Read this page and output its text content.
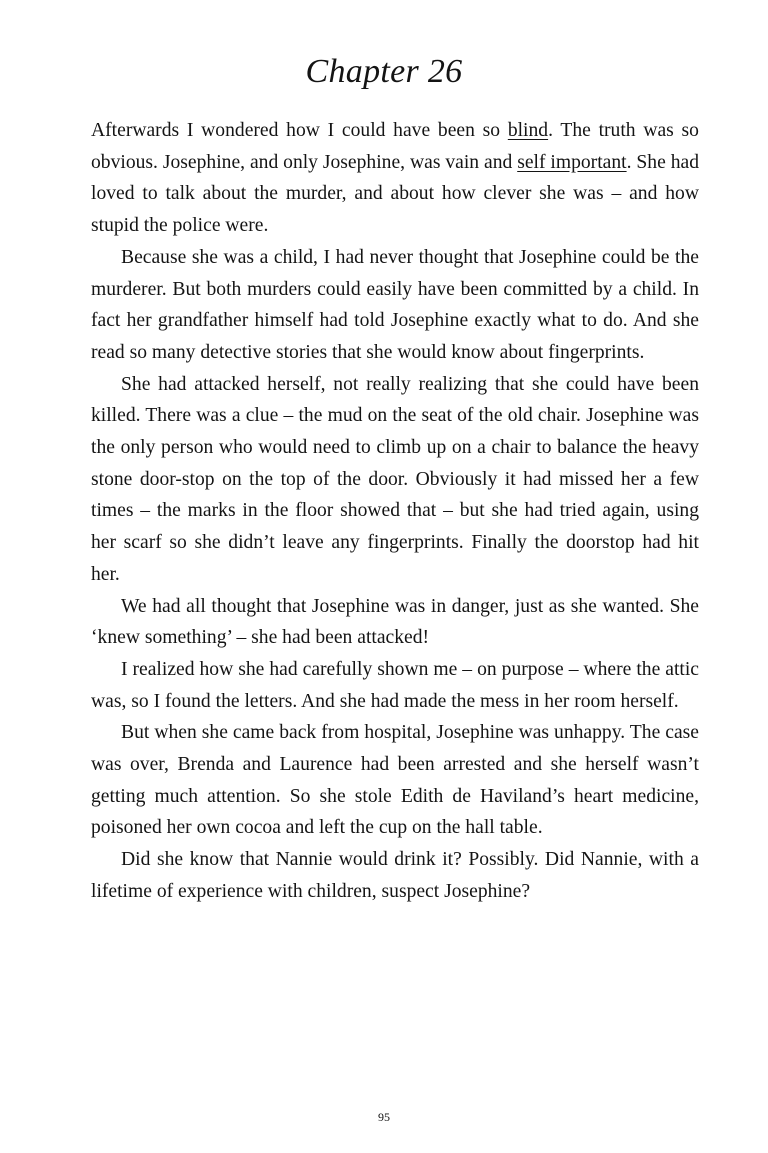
Chapter 26

Afterwards I wondered how I could have been so blind. The truth was so obvious. Josephine, and only Josephine, was vain and self important. She had loved to talk about the murder, and about how clever she was – and how stupid the police were.

Because she was a child, I had never thought that Josephine could be the murderer. But both murders could easily have been committed by a child. In fact her grandfather himself had told Josephine exactly what to do. And she read so many detective stories that she would know about fingerprints.

She had attacked herself, not really realizing that she could have been killed. There was a clue – the mud on the seat of the old chair. Josephine was the only person who would need to climb up on a chair to balance the heavy stone door-stop on the top of the door. Obviously it had missed her a few times – the marks in the floor showed that – but she had tried again, using her scarf so she didn’t leave any fingerprints. Finally the doorstop had hit her.

We had all thought that Josephine was in danger, just as she wanted. She ‘knew something’ – she had been attacked!

I realized how she had carefully shown me – on purpose – where the attic was, so I found the letters. And she had made the mess in her room herself.

But when she came back from hospital, Josephine was unhappy. The case was over, Brenda and Laurence had been arrested and she herself wasn’t getting much attention. So she stole Edith de Haviland’s heart medicine, poisoned her own cocoa and left the cup on the hall table.

Did she know that Nannie would drink it? Possibly. Did Nannie, with a lifetime of experience with children, suspect Josephine?

95
